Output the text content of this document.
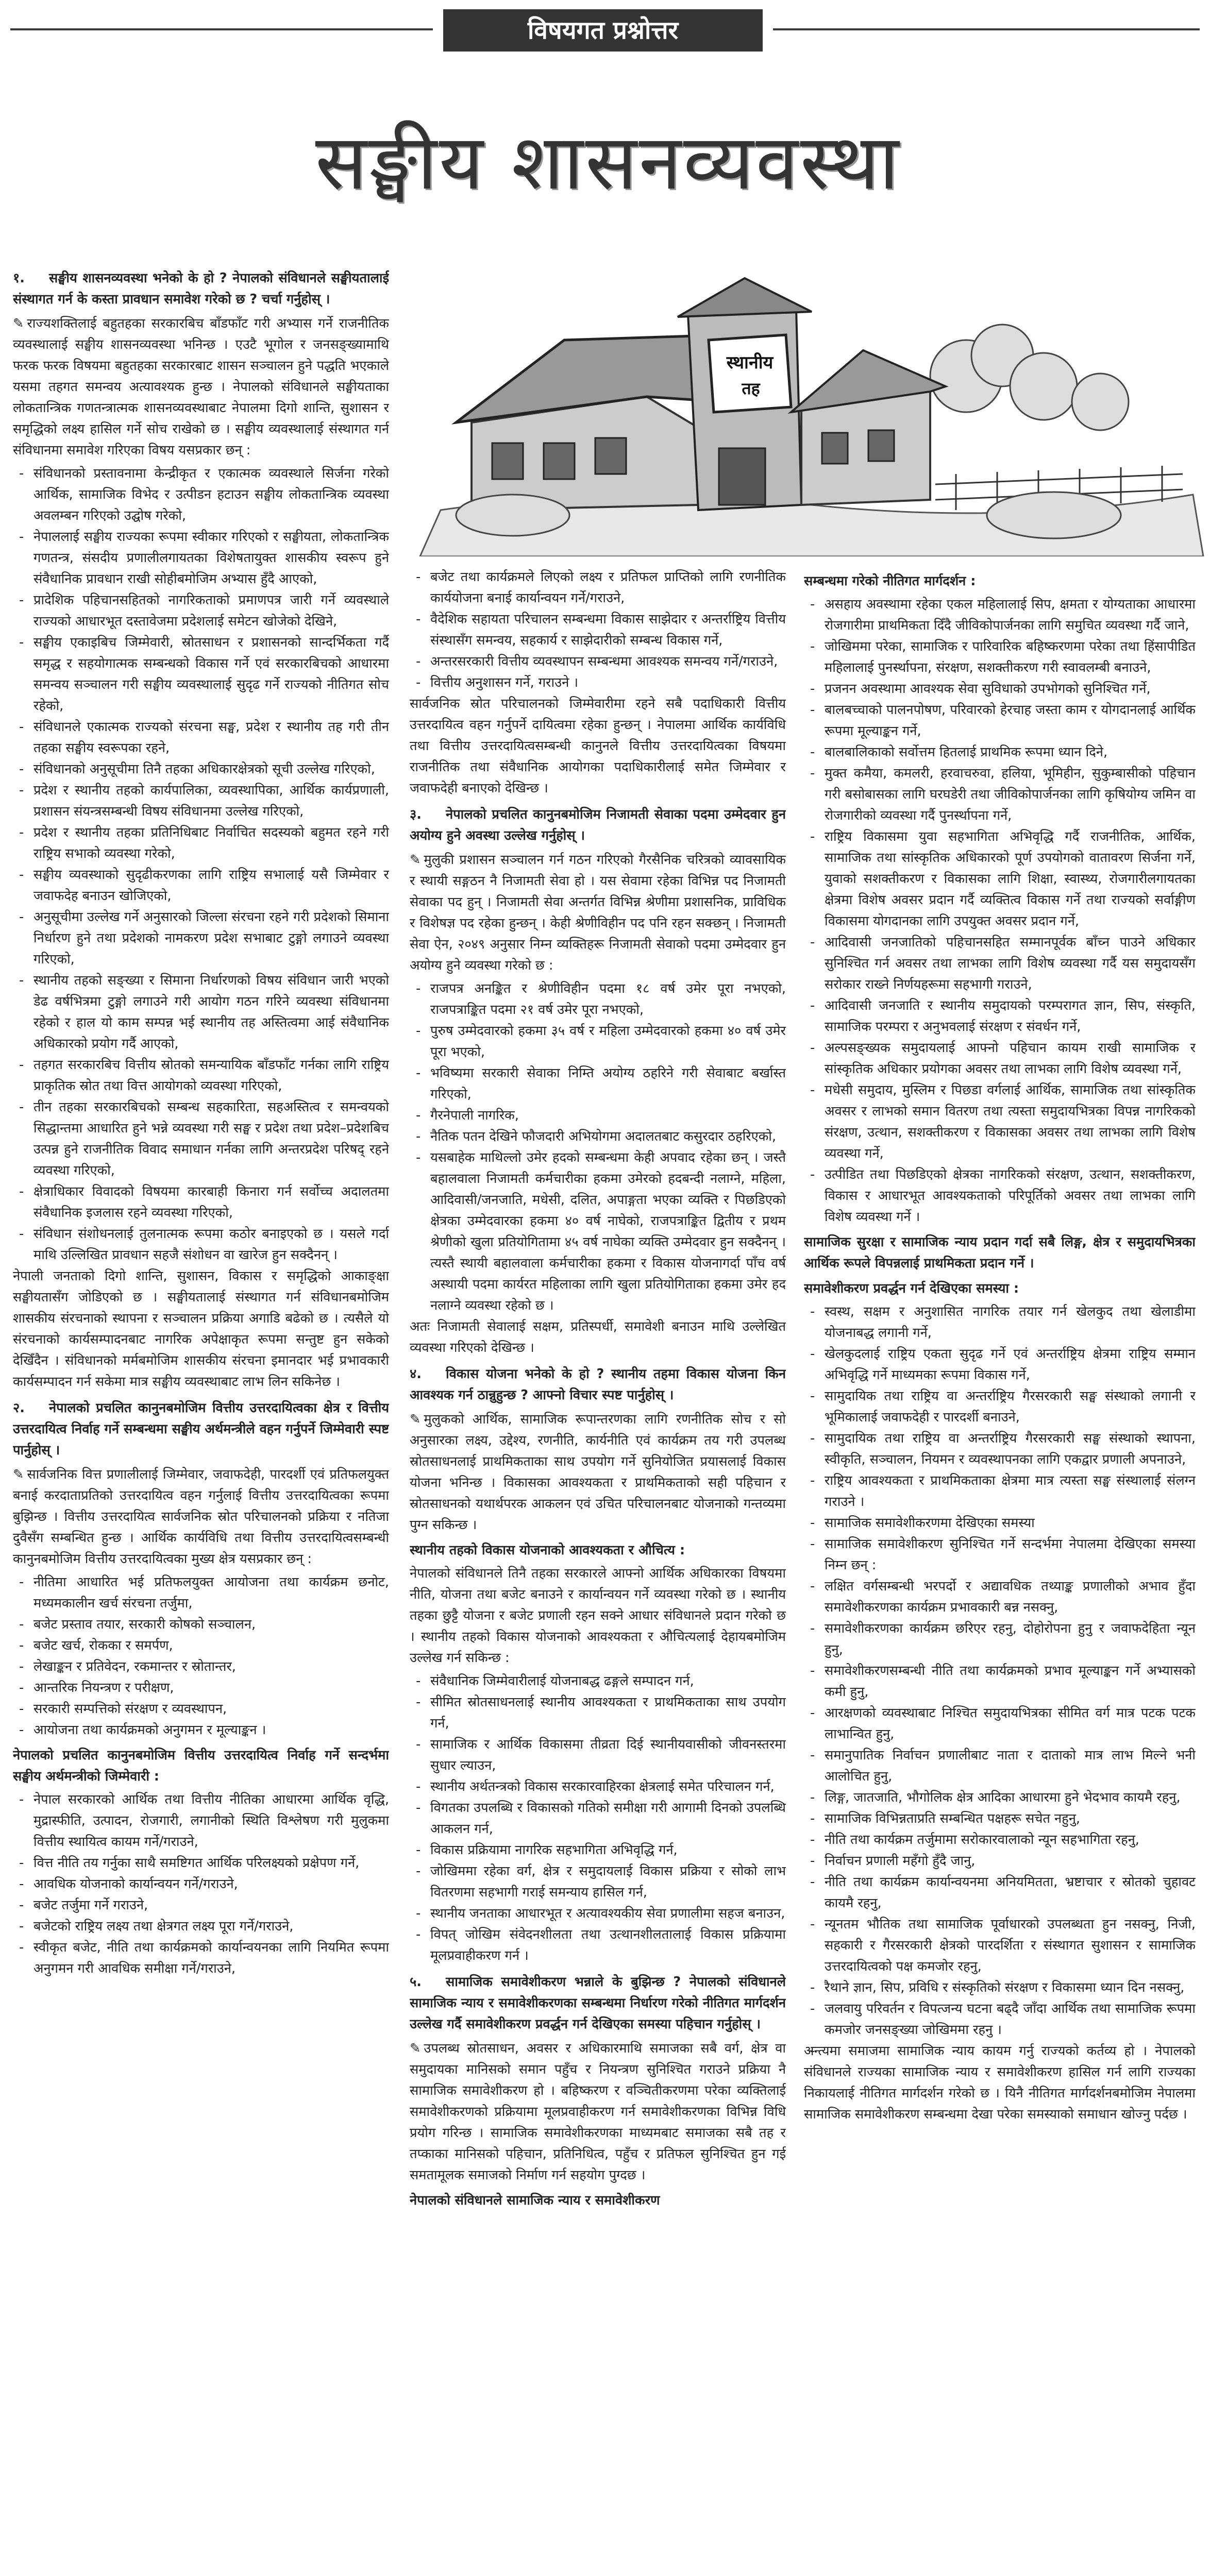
विषयगत प्रश्नोत्तर
सङ्घीय शासनव्यवस्था
स्थानीय
तह
१. सङ्घीय शासनव्यवस्था भनेको के हो ? नेपालको संविधानले सङ्घीयतालाई संस्थागत गर्न के कस्ता प्रावधान समावेश गरेको छ ? चर्चा गर्नुहोस् ।

✎ राज्यशक्तिलाई बहुतहका सरकारबिच बाँडफाँट गरी अभ्यास गर्ने राजनीतिक व्यवस्थालाई सङ्घीय शासनव्यवस्था भनिन्छ । एउटै भूगोल र जनसङ्ख्यामाथि फरक फरक विषयमा बहुतहका सरकारबाट शासन सञ्चालन हुने पद्धति भएकाले यसमा तहगत समन्वय अत्यावश्यक हुन्छ । नेपालको संविधानले सङ्घीयताका लोकतान्त्रिक गणतन्त्रात्मक शासनव्यवस्थाबाट नेपालमा दिगो शान्ति, सुशासन र समृद्धिको लक्ष्य हासिल गर्ने सोच राखेको छ । सङ्घीय व्यवस्थालाई संस्थागत गर्न संविधानमा समावेश गरिएका विषय यसप्रकार छन् :

- संविधानको प्रस्तावनामा केन्द्रीकृत र एकात्मक व्यवस्थाले सिर्जना गरेको आर्थिक, सामाजिक विभेद र उत्पीडन हटाउन सङ्घीय लोकतान्त्रिक व्यवस्था अवलम्बन गरिएको उद्घोष गरेको,
- नेपाललाई सङ्घीय राज्यका रूपमा स्वीकार गरिएको र सङ्घीयता, लोकतान्त्रिक गणतन्त्र, संसदीय प्रणालीलगायतका विशेषतायुक्त शासकीय स्वरूप हुने संवैधानिक प्रावधान राखी सोहीबमोजिम अभ्यास हुँदै आएको,
- प्रादेशिक पहिचानसहितको नागरिकताको प्रमाणपत्र जारी गर्ने व्यवस्थाले राज्यको आधारभूत दस्तावेजमा प्रदेशलाई समेटन खोजेको देखिने,
- सङ्घीय एकाइबिच जिम्मेवारी, स्रोतसाधन र प्रशासनको सान्दर्भिकता गर्दै समृद्ध र सहयोगात्मक सम्बन्धको विकास गर्ने एवं सरकारबिचको आधारमा समन्वय सञ्चालन गरी सङ्घीय व्यवस्थालाई सुदृढ गर्ने राज्यको नीतिगत सोच रहेको,
- संविधानले एकात्मक राज्यको संरचना सङ्घ, प्रदेश र स्थानीय तह गरी तीन तहका सङ्घीय स्वरूपका रहने,
- संविधानको अनुसूचीमा तिनै तहका अधिकारक्षेत्रको सूची उल्लेख गरिएको,
- प्रदेश र स्थानीय तहको कार्यपालिका, व्यवस्थापिका, आर्थिक कार्यप्रणाली, प्रशासन संयन्त्रसम्बन्धी विषय संविधानमा उल्लेख गरिएको,
- प्रदेश र स्थानीय तहका प्रतिनिधिबाट निर्वाचित सदस्यको बहुमत रहने गरी राष्ट्रिय सभाको व्यवस्था गरेको,
- सङ्घीय व्यवस्थाको सुदृढीकरणका लागि राष्ट्रिय सभालाई यसै जिम्मेवार र जवाफदेह बनाउन खोजिएको,
- अनुसूचीमा उल्लेख गर्ने अनुसारको जिल्ला संरचना रहने गरी प्रदेशको सिमाना निर्धारण हुने तथा प्रदेशको नामकरण प्रदेश सभाबाट टुङ्गो लगाउने व्यवस्था गरिएको,
- स्थानीय तहको सङ्ख्या र सिमाना निर्धारणको विषय संविधान जारी भएको डेढ वर्षभित्रमा टुङ्गो लगाउने गरी आयोग गठन गरिने व्यवस्था संविधानमा रहेको र हाल यो काम सम्पन्न भई स्थानीय तह अस्तित्वमा आई संवैधानिक अधिकारको प्रयोग गर्दै आएको,
- तहगत सरकारबिच वित्तीय स्रोतको समन्यायिक बाँडफाँट गर्नका लागि राष्ट्रिय प्राकृतिक स्रोत तथा वित्त आयोगको व्यवस्था गरिएको,
- तीन तहका सरकारबिचको सम्बन्ध सहकारिता, सहअस्तित्व र समन्वयको सिद्धान्तमा आधारित हुने भन्ने व्यवस्था गरी सङ्घ र प्रदेश तथा प्रदेश–प्रदेशबिच उत्पन्न हुने राजनीतिक विवाद समाधान गर्नका लागि अन्तरप्रदेश परिषद् रहने व्यवस्था गरिएको,
- क्षेत्राधिकार विवादको विषयमा कारबाही किनारा गर्न सर्वोच्च अदालतमा संवैधानिक इजलास रहने व्यवस्था गरिएको,
- संविधान संशोधनलाई तुलनात्मक रूपमा कठोर बनाइएको छ । यसले गर्दा माथि उल्लिखित प्रावधान सहजै संशोधन वा खारेज हुन सक्दैनन् ।

नेपाली जनताको दिगो शान्ति, सुशासन, विकास र समृद्धिको आकाङ्क्षा सङ्घीयतासँग जोडिएको छ । सङ्घीयतालाई संस्थागत गर्न संविधानबमोजिम शासकीय संरचनाको स्थापना र सञ्चालन प्रक्रिया अगाडि बढेको छ । त्यसैले यो संरचनाको कार्यसम्पादनबाट नागरिक अपेक्षाकृत रूपमा सन्तुष्ट हुन सकेको देखिँदैन । संविधानको मर्मबमोजिम शासकीय संरचना इमानदार भई प्रभावकारी कार्यसम्पादन गर्न सकेमा मात्र सङ्घीय व्यवस्थाबाट लाभ लिन सकिनेछ ।

२. नेपालको प्रचलित कानुनबमोजिम वित्तीय उत्तरदायित्वका क्षेत्र र वित्तीय उत्तरदायित्व निर्वाह गर्ने सम्बन्धमा सङ्घीय अर्थमन्त्रीले वहन गर्नुपर्ने जिम्मेवारी स्पष्ट पार्नुहोस् ।

✎ सार्वजनिक वित्त प्रणालीलाई जिम्मेवार, जवाफदेही, पारदर्शी एवं प्रतिफलयुक्त बनाई करदाताप्रतिको उत्तरदायित्व वहन गर्नुलाई वित्तीय उत्तरदायित्वका रूपमा बुझिन्छ । वित्तीय उत्तरदायित्व सार्वजनिक स्रोत परिचालनको प्रक्रिया र नतिजा दुवैसँग सम्बन्धित हुन्छ । आर्थिक कार्यविधि तथा वित्तीय उत्तरदायित्वसम्बन्धी कानुनबमोजिम वित्तीय उत्तरदायित्वका मुख्य क्षेत्र यसप्रकार छन् :

- नीतिमा आधारित भई प्रतिफलयुक्त आयोजना तथा कार्यक्रम छनोट, मध्यमकालीन खर्च संरचना तर्जुमा,
- बजेट प्रस्ताव तयार, सरकारी कोषको सञ्चालन,
- बजेट खर्च, रोकका र समर्पण,
- लेखाङ्कन र प्रतिवेदन, रकमान्तर र स्रोतान्तर,
- आन्तरिक नियन्त्रण र परीक्षण,
- सरकारी सम्पत्तिको संरक्षण र व्यवस्थापन,
- आयोजना तथा कार्यक्रमको अनुगमन र मूल्याङ्कन ।
नेपालको प्रचलित कानुनबमोजिम वित्तीय उत्तरदायित्व निर्वाह गर्ने सन्दर्भमा सङ्घीय अर्थमन्त्रीको जिम्मेवारी :
- नेपाल सरकारको आर्थिक तथा वित्तीय नीतिका आधारमा आर्थिक वृद्धि, मुद्रास्फीति, उत्पादन, रोजगारी, लगानीको स्थिति विश्लेषण गरी मुलुकमा वित्तीय स्थायित्व कायम गर्ने/गराउने,
- वित्त नीति तय गर्नुका साथै समष्टिगत आर्थिक परिलक्ष्यको प्रक्षेपण गर्ने,
- आवधिक योजनाको कार्यान्वयन गर्ने/गराउने,
- बजेट तर्जुमा गर्ने गराउने,
- बजेटको राष्ट्रिय लक्ष्य तथा क्षेत्रगत लक्ष्य पूरा गर्ने/गराउने,
- स्वीकृत बजेट, नीति तथा कार्यक्रमको कार्यान्वयनका लागि नियमित रूपमा अनुगमन गरी आवधिक समीक्षा गर्ने/गराउने,
- बजेट तथा कार्यक्रमले लिएको लक्ष्य र प्रतिफल प्राप्तिको लागि रणनीतिक कार्ययोजना बनाई कार्यान्वयन गर्ने/गराउने,
- वैदेशिक सहायता परिचालन सम्बन्धमा विकास साझेदार र अन्तर्राष्ट्रिय वित्तीय संस्थासँग समन्वय, सहकार्य र साझेदारीको सम्बन्ध विकास गर्ने,
- अन्तरसरकारी वित्तीय व्यवस्थापन सम्बन्धमा आवश्यक समन्वय गर्ने/गराउने,
- वित्तीय अनुशासन गर्ने, गराउने ।

सार्वजनिक स्रोत परिचालनको जिम्मेवारीमा रहने सबै पदाधिकारी वित्तीय उत्तरदायित्व वहन गर्नुपर्ने दायित्वमा रहेका हुन्छन् । नेपालमा आर्थिक कार्यविधि तथा वित्तीय उत्तरदायित्वसम्बन्धी कानुनले वित्तीय उत्तरदायित्वका विषयमा राजनीतिक तथा संवैधानिक आयोगका पदाधिकारीलाई समेत जिम्मेवार र जवाफदेही बनाएको देखिन्छ ।

३. नेपालको प्रचलित कानुनबमोजिम निजामती सेवाका पदमा उम्मेदवार हुन अयोग्य हुने अवस्था उल्लेख गर्नुहोस् ।

✎ मुलुकी प्रशासन सञ्चालन गर्न गठन गरिएको गैरसैनिक चरित्रको व्यावसायिक र स्थायी सङ्गठन नै निजामती सेवा हो । यस सेवामा रहेका विभिन्न पद निजामती सेवाका पद हुन् । निजामती सेवा अन्तर्गत विभिन्न श्रेणीमा प्रशासनिक, प्राविधिक र विशेषज्ञ पद रहेका हुन्छन् । केही श्रेणीविहीन पद पनि रहन सक्छन् । निजामती सेवा ऐन, २०४९ अनुसार निम्न व्यक्तिहरू निजामती सेवाको पदमा उम्मेदवार हुन अयोग्य हुने व्यवस्था गरेको छ :

- राजपत्र अनङ्कित र श्रेणीविहीन पदमा १८ वर्ष उमेर पूरा नभएको, राजपत्राङ्कित पदमा २१ वर्ष उमेर पूरा नभएको,
- पुरुष उम्मेदवारको हकमा ३५ वर्ष र महिला उम्मेदवारको हकमा ४० वर्ष उमेर पूरा भएको,
- भविष्यमा सरकारी सेवाका निम्ति अयोग्य ठहरिने गरी सेवाबाट बर्खास्त गरिएको,
- गैरनेपाली नागरिक,
- नैतिक पतन देखिने फौजदारी अभियोगमा अदालतबाट कसुरदार ठहरिएको,
- यसबाहेक माथिल्लो उमेर हदको सम्बन्धमा केही अपवाद रहेका छन् । जस्तै बहालवाला निजामती कर्मचारीका हकमा उमेरको हदबन्दी नलाग्ने, महिला, आदिवासी/जनजाति, मधेसी, दलित, अपाङ्गता भएका व्यक्ति र पिछडिएको क्षेत्रका उम्मेदवारका हकमा ४० वर्ष नाघेको, राजपत्राङ्कित द्वितीय र प्रथम श्रेणीको खुला प्रतियोगितामा ४५ वर्ष नाघेका व्यक्ति उम्मेदवार हुन सक्दैनन् । त्यस्तै स्थायी बहालवाला कर्मचारीका हकमा र विकास योजनागर्दा पाँच वर्ष अस्थायी पदमा कार्यरत महिलाका लागि खुला प्रतियोगिताका हकमा उमेर हद नलाग्ने व्यवस्था रहेको छ ।

अतः निजामती सेवालाई सक्षम, प्रतिस्पर्धी, समावेशी बनाउन माथि उल्लेखित व्यवस्था गरिएको देखिन्छ ।

४. विकास योजना भनेको के हो ? स्थानीय तहमा विकास योजना किन आवश्यक गर्न ठान्नुहुन्छ ? आफ्नो विचार स्पष्ट पार्नुहोस् ।

✎ मुलुकको आर्थिक, सामाजिक रूपान्तरणका लागि रणनीतिक सोच र सो अनुसारका लक्ष्य, उद्देश्य, रणनीति, कार्यनीति एवं कार्यक्रम तय गरी उपलब्ध स्रोतसाधनलाई प्राथमिकताका साथ उपयोग गर्ने सुनियोजित प्रयासलाई विकास योजना भनिन्छ । विकासका आवश्यकता र प्राथमिकताको सही पहिचान र स्रोतसाधनको यथार्थपरक आकलन एवं उचित परिचालनबाट योजनाको गन्तव्यमा पुग्न सकिन्छ ।

स्थानीय तहको विकास योजनाको आवश्यकता र औचित्य :

नेपालको संविधानले तिनै तहका सरकारले आफ्नो आर्थिक अधिकारका विषयमा नीति, योजना तथा बजेट बनाउने र कार्यान्वयन गर्ने व्यवस्था गरेको छ । स्थानीय तहका छुट्टै योजना र बजेट प्रणाली रहन सक्ने आधार संविधानले प्रदान गरेको छ । स्थानीय तहको विकास योजनाको आवश्यकता र औचित्यलाई देहायबमोजिम उल्लेख गर्न सकिन्छ :

- संवैधानिक जिम्मेवारीलाई योजनाबद्ध ढङ्गले सम्पादन गर्न,
- सीमित स्रोतसाधनलाई स्थानीय आवश्यकता र प्राथमिकताका साथ उपयोग गर्न,
- सामाजिक र आर्थिक विकासमा तीव्रता दिई स्थानीयवासीको जीवनस्तरमा सुधार ल्याउन,
- स्थानीय अर्थतन्त्रको विकास सरकारवाहिरका क्षेत्रलाई समेत परिचालन गर्न,
- विगतका उपलब्धि र विकासको गतिको समीक्षा गरी आगामी दिनको उपलब्धि आकलन गर्न,
- विकास प्रक्रियामा नागरिक सहभागिता अभिवृद्धि गर्न,
- जोखिममा रहेका वर्ग, क्षेत्र र समुदायलाई विकास प्रक्रिया र सोको लाभ वितरणमा सहभागी गराई समन्याय हासिल गर्न,
- स्थानीय जनताका आधारभूत र अत्यावश्यकीय सेवा प्रणालीमा सहज बनाउन,
- विपत् जोखिम संवेदनशीलता तथा उत्थानशीलतालाई विकास प्रक्रियामा मूलप्रवाहीकरण गर्न ।
५. सामाजिक समावेशीकरण भन्नाले के बुझिन्छ ? नेपालको संविधानले सामाजिक न्याय र समावेशीकरणका सम्बन्धमा निर्धारण गरेको नीतिगत मार्गदर्शन उल्लेख गर्दै समावेशीकरण प्रवर्द्धन गर्न देखिएका समस्या पहिचान गर्नुहोस् ।

✎ उपलब्ध स्रोतसाधन, अवसर र अधिकारमाथि समाजका सबै वर्ग, क्षेत्र वा समुदायका मानिसको समान पहुँच र नियन्त्रण सुनिश्चित गराउने प्रक्रिया नै सामाजिक समावेशीकरण हो । बहिष्करण र वञ्चितीकरणमा परेका व्यक्तिलाई समावेशीकरणको प्रक्रियामा मूलप्रवाहीकरण गर्न समावेशीकरणका विभिन्न विधि प्रयोग गरिन्छ । सामाजिक समावेशीकरणका माध्यमबाट समाजका सबै तह र तप्काका मानिसको पहिचान, प्रतिनिधित्व, पहुँच र प्रतिफल सुनिश्चित हुन गई समतामूलक समाजको निर्माण गर्न सहयोग पुग्दछ ।

नेपालको संविधानले सामाजिक न्याय र समावेशीकरण
सम्बन्धमा गरेको नीतिगत मार्गदर्शन :
- असहाय अवस्थामा रहेका एकल महिलालाई सिप, क्षमता र योग्यताका आधारमा रोजगारीमा प्राथमिकता दिँदै जीविकोपार्जनका लागि समुचित व्यवस्था गर्दै जाने,
- जोखिममा परेका, सामाजिक र पारिवारिक बहिष्करणमा परेका तथा हिंसापीडित महिलालाई पुनर्स्थापना, संरक्षण, सशक्तीकरण गरी स्वावलम्बी बनाउने,
- प्रजनन अवस्थामा आवश्यक सेवा सुविधाको उपभोगको सुनिश्चित गर्ने,
- बालबच्चाको पालनपोषण, परिवारको हेरचाह जस्ता काम र योगदानलाई आर्थिक रूपमा मूल्याङ्कन गर्ने,
- बालबालिकाको सर्वोत्तम हितलाई प्राथमिक रूपमा ध्यान दिने,
- मुक्त कमैया, कमलरी, हरवाचरुवा, हलिया, भूमिहीन, सुकुम्बासीको पहिचान गरी बसोबासका लागि घरघडेरी तथा जीविकोपार्जनका लागि कृषियोग्य जमिन वा रोजगारीको व्यवस्था गर्दै पुनर्स्थापना गर्ने,
- राष्ट्रिय विकासमा युवा सहभागिता अभिवृद्धि गर्दै राजनीतिक, आर्थिक, सामाजिक तथा सांस्कृतिक अधिकारको पूर्ण उपयोगको वातावरण सिर्जना गर्ने, युवाको सशक्तीकरण र विकासका लागि शिक्षा, स्वास्थ्य, रोजगारीलगायतका क्षेत्रमा विशेष अवसर प्रदान गर्दै व्यक्तित्व विकास गर्ने तथा राज्यको सर्वाङ्गीण विकासमा योगदानका लागि उपयुक्त अवसर प्रदान गर्ने,
- आदिवासी जनजातिको पहिचानसहित सम्मानपूर्वक बाँच्न पाउने अधिकार सुनिश्चित गर्न अवसर तथा लाभका लागि विशेष व्यवस्था गर्दै यस समुदायसँग सरोकार राख्ने निर्णयहरूमा सहभागी गराउने,
- आदिवासी जनजाति र स्थानीय समुदायको परम्परागत ज्ञान, सिप, संस्कृति, सामाजिक परम्परा र अनुभवलाई संरक्षण र संवर्धन गर्ने,
- अल्पसङ्ख्यक समुदायलाई आफ्नो पहिचान कायम राखी सामाजिक र सांस्कृतिक अधिकार प्रयोगका अवसर तथा लाभका लागि विशेष व्यवस्था गर्ने,
- मधेसी समुदाय, मुस्लिम र पिछडा वर्गलाई आर्थिक, सामाजिक तथा सांस्कृतिक अवसर र लाभको समान वितरण तथा त्यस्ता समुदायभित्रका विपन्न नागरिकको संरक्षण, उत्थान, सशक्तीकरण र विकासका अवसर तथा लाभका लागि विशेष व्यवस्था गर्ने,
- उत्पीडित तथा पिछडिएको क्षेत्रका नागरिकको संरक्षण, उत्थान, सशक्तीकरण, विकास र आधारभूत आवश्यकताको परिपूर्तिको अवसर तथा लाभका लागि विशेष व्यवस्था गर्ने ।
सामाजिक सुरक्षा र सामाजिक न्याय प्रदान गर्दा सबै लिङ्ग, क्षेत्र र समुदायभित्रका आर्थिक रूपले विपन्नलाई प्राथमिकता प्रदान गर्ने ।
समावेशीकरण प्रवर्द्धन गर्न देखिएका समस्या :
- स्वस्थ, सक्षम र अनुशासित नागरिक तयार गर्न खेलकुद तथा खेलाडीमा योजनाबद्ध लगानी गर्ने,
- खेलकुदलाई राष्ट्रिय एकता सुदृढ गर्ने एवं अन्तर्राष्ट्रिय क्षेत्रमा राष्ट्रिय सम्मान अभिवृद्धि गर्ने माध्यमका रूपमा विकास गर्ने,
- सामुदायिक तथा राष्ट्रिय वा अन्तर्राष्ट्रिय गैरसरकारी सङ्घ संस्थाको लगानी र भूमिकालाई जवाफदेही र पारदर्शी बनाउने,
- सामुदायिक तथा राष्ट्रिय वा अन्तर्राष्ट्रिय गैरसरकारी सङ्घ संस्थाको स्थापना, स्वीकृति, सञ्चालन, नियमन र व्यवस्थापनका लागि एकद्वार प्रणाली अपनाउने,
- राष्ट्रिय आवश्यकता र प्राथमिकताका क्षेत्रमा मात्र त्यस्ता सङ्घ संस्थालाई संलग्न गराउने ।
- सामाजिक समावेशीकरणमा देखिएका समस्या
- सामाजिक समावेशीकरण सुनिश्चित गर्ने सन्दर्भमा नेपालमा देखिएका समस्या निम्न छन् :
- लक्षित वर्गसम्बन्धी भरपर्दो र अद्यावधिक तथ्याङ्क प्रणालीको अभाव हुँदा समावेशीकरणका कार्यक्रम प्रभावकारी बन्न नसक्नु,
- समावेशीकरणका कार्यक्रम छरिएर रहनु, दोहोरोपना हुनु र जवाफदेहिता न्यून हुनु,
- समावेशीकरणसम्बन्धी नीति तथा कार्यक्रमको प्रभाव मूल्याङ्कन गर्ने अभ्यासको कमी हुनु,
- आरक्षणको व्यवस्थाबाट निश्चित समुदायभित्रका सीमित वर्ग मात्र पटक पटक लाभान्वित हुनु,
- समानुपातिक निर्वाचन प्रणालीबाट नाता र दाताको मात्र लाभ मिल्ने भनी आलोचित हुनु,
- लिङ्ग, जातजाति, भौगोलिक क्षेत्र आदिका आधारमा हुने भेदभाव कायमै रहनु,
- सामाजिक विभिन्नताप्रति सम्बन्धित पक्षहरू सचेत नहुनु,
- नीति तथा कार्यक्रम तर्जुमामा सरोकारवालाको न्यून सहभागिता रहनु,
- निर्वाचन प्रणाली महँगो हुँदै जानु,
- नीति तथा कार्यक्रम कार्यान्वयनमा अनियमितता, भ्रष्टाचार र स्रोतको चुहावट कायमै रहनु,
- न्यूनतम भौतिक तथा सामाजिक पूर्वाधारको उपलब्धता हुन नसक्नु, निजी, सहकारी र गैरसरकारी क्षेत्रको पारदर्शिता र संस्थागत सुशासन र सामाजिक उत्तरदायित्वको पक्ष कमजोर रहनु,
- रैथाने ज्ञान, सिप, प्रविधि र संस्कृतिको संरक्षण र विकासमा ध्यान दिन नसक्नु,
- जलवायु परिवर्तन र विपत्जन्य घटना बढ्दै जाँदा आर्थिक तथा सामाजिक रूपमा कमजोर जनसङ्ख्या जोखिममा रहनु ।

अन्त्यमा समाजमा सामाजिक न्याय कायम गर्नु राज्यको कर्तव्य हो । नेपालको संविधानले राज्यका सामाजिक न्याय र समावेशीकरण हासिल गर्न लागि राज्यका निकायलाई नीतिगत मार्गदर्शन गरेको छ । यिनै नीतिगत मार्गदर्शनबमोजिम नेपालमा सामाजिक समावेशीकरण सम्बन्धमा देखा परेका समस्याको समाधान खोज्नु पर्दछ ।
